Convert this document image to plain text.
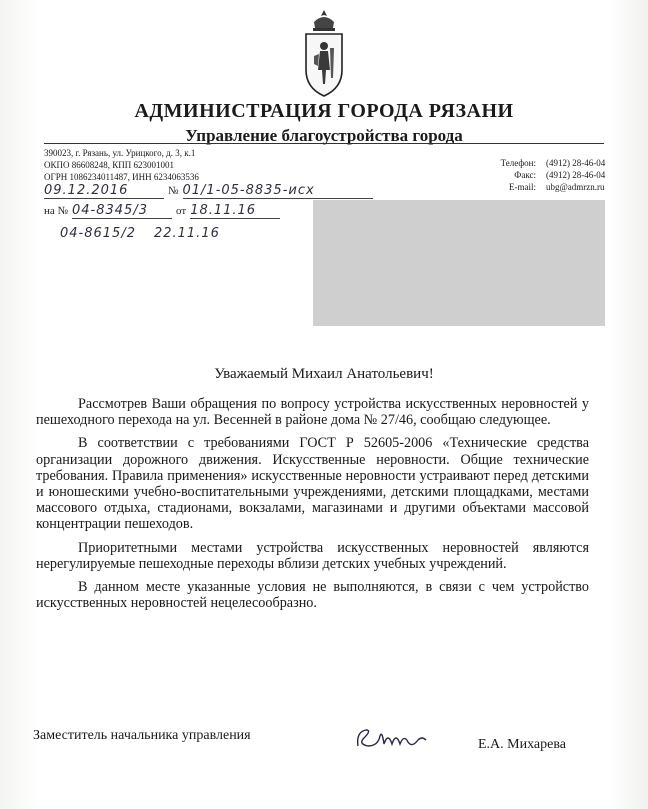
АДМИНИСТРАЦИЯ ГОРОДА РЯЗАНИ
Управление благоустройства города
390023, г. Рязань, ул. Урицкого, д. 3, к.1
ОКПО 86608248, КПП 623001001
ОГРН 1086234011487, ИНН 6234063536
Телефон:	(4912) 28-46-04
Факс:	(4912) 28-46-04
E-mail:	ubg@admrzn.ru
09.12.2016	№ 01/1-05-8835-исх
на № 04-8345/3	от 18.11.16
04-8615/2 22.11.16
Уважаемый Михаил Анатольевич!

Рассмотрев Ваши обращения по вопросу устройства искусственных неровностей у пешеходного перехода на ул. Весенней в районе дома № 27/46, сообщаю следующее.

В соответствии с требованиями ГОСТ Р 52605-2006 «Технические средства организации дорожного движения. Искусственные неровности. Общие технические требования. Правила применения» искусственные неровности устраивают перед детскими и юношескими учебно-воспитательными учреждениями, детскими площадками, местами массового отдыха, стадионами, вокзалами, магазинами и другими объектами массовой концентрации пешеходов.

Приоритетными местами устройства искусственных неровностей являются нерегулируемые пешеходные переходы вблизи детских учебных учреждений.

В данном месте указанные условия не выполняются, в связи с чем устройство искусственных неровностей нецелесообразно.

Заместитель начальника управления
Е.А. Михарева
